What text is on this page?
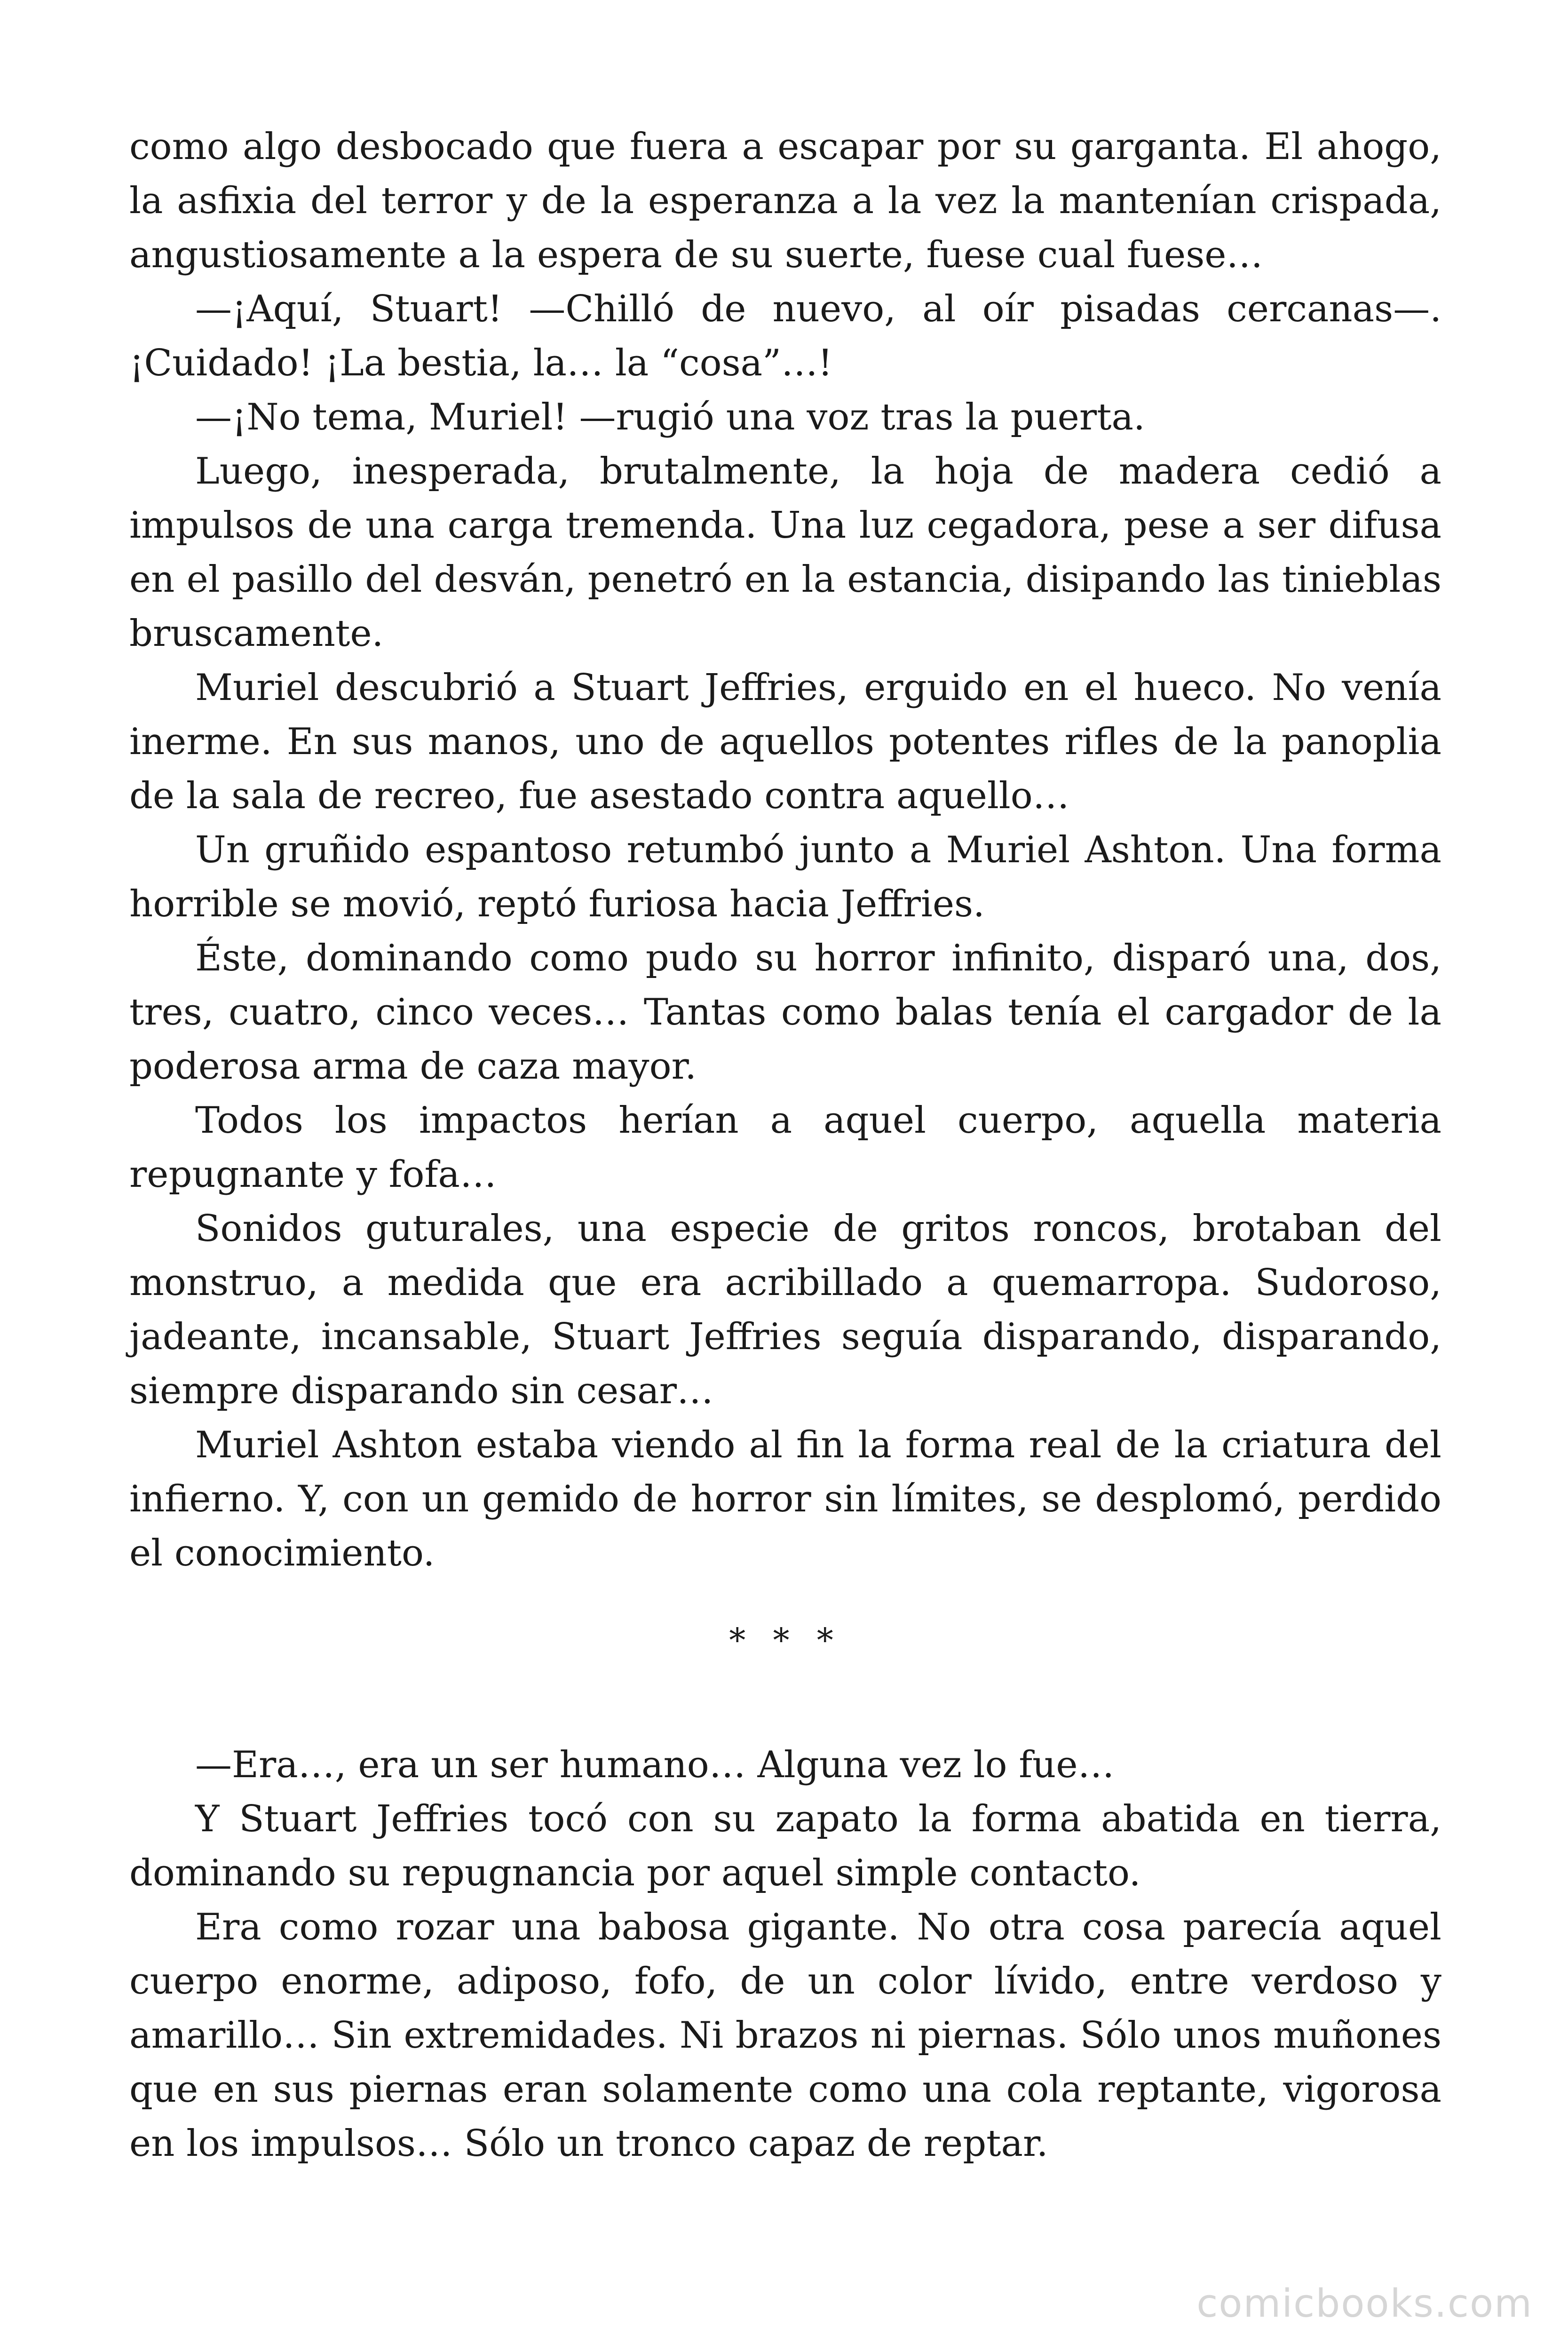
como algo desbocado que fuera a escapar por su garganta. El ahogo, la asfixia del terror y de la esperanza a la vez la mantenían crispada, angustiosamente a la espera de su suerte, fuese cual fuese…

—¡Aquí, Stuart! —Chilló de nuevo, al oír pisadas cercanas—. ¡Cuidado! ¡La bestia, la… la “cosa”…!

—¡No tema, Muriel! —rugió una voz tras la puerta.

Luego, inesperada, brutalmente, la hoja de madera cedió a impulsos de una carga tremenda. Una luz cegadora, pese a ser difusa en el pasillo del desván, penetró en la estancia, disipando las tinieblas bruscamente.

Muriel descubrió a Stuart Jeffries, erguido en el hueco. No venía inerme. En sus manos, uno de aquellos potentes rifles de la panoplia de la sala de recreo, fue asestado contra aquello…

Un gruñido espantoso retumbó junto a Muriel Ashton. Una forma horrible se movió, reptó furiosa hacia Jeffries.

Éste, dominando como pudo su horror infinito, disparó una, dos, tres, cuatro, cinco veces… Tantas como balas tenía el cargador de la poderosa arma de caza mayor.

Todos los impactos herían a aquel cuerpo, aquella materia repugnante y fofa…

Sonidos guturales, una especie de gritos roncos, brotaban del monstruo, a medida que era acribillado a quemarropa. Sudoroso, jadeante, incansable, Stuart Jeffries seguía disparando, disparando, siempre disparando sin cesar…

Muriel Ashton estaba viendo al fin la forma real de la criatura del infierno. Y, con un gemido de horror sin límites, se desplomó, perdido el conocimiento.

* * *

—Era…, era un ser humano… Alguna vez lo fue…

Y Stuart Jeffries tocó con su zapato la forma abatida en tierra, dominando su repugnancia por aquel simple contacto.

Era como rozar una babosa gigante. No otra cosa parecía aquel cuerpo enorme, adiposo, fofo, de un color lívido, entre verdoso y amarillo… Sin extremidades. Ni brazos ni piernas. Sólo unos muñones que en sus piernas eran solamente como una cola reptante, vigorosa en los impulsos… Sólo un tronco capaz de reptar.

comicbooks.com
